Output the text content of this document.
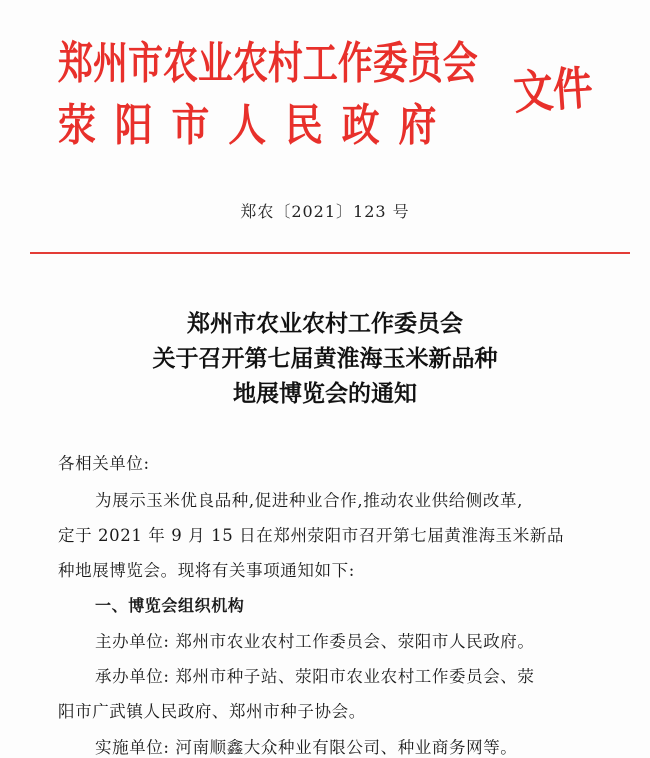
郑州市农业农村工作委员会
荥阳市人民政府
文件
郑农〔2021〕123 号
郑州市农业农村工作委员会
关于召开第七届黄淮海玉米新品种
地展博览会的通知
各相关单位:
为展示玉米优良品种,促进种业合作,推动农业供给侧改革,
定于 2021 年 9 月 15 日在郑州荥阳市召开第七届黄淮海玉米新品
种地展博览会。现将有关事项通知如下:
一、博览会组织机构
主办单位: 郑州市农业农村工作委员会、荥阳市人民政府。
承办单位: 郑州市种子站、荥阳市农业农村工作委员会、荥
阳市广武镇人民政府、郑州市种子协会。
实施单位: 河南顺鑫大众种业有限公司、种业商务网等。
